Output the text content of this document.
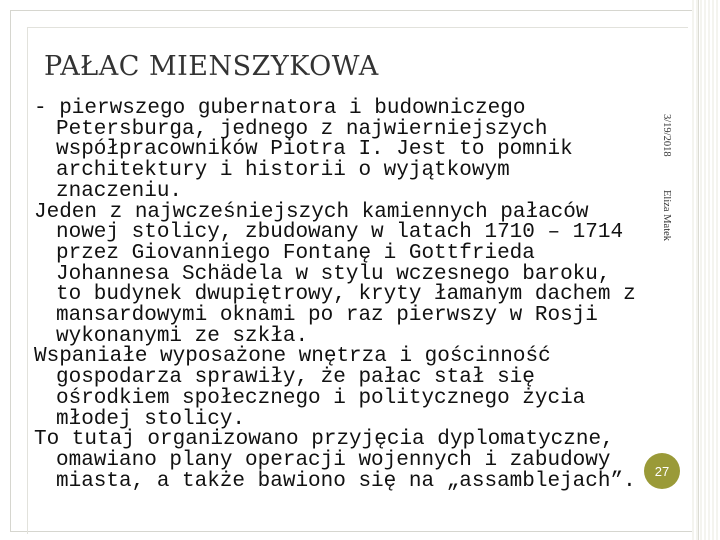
PAŁAC MIENSZYKOWA

- pierwszego gubernatora i budowniczego Petersburga, jednego z najwierniejszych współpracowników Piotra I. Jest to pomnik architektury i historii o wyjątkowym znaczeniu.

Jeden z najwcześniejszych kamiennych pałaców nowej stolicy, zbudowany w latach 1710 – 1714 przez Giovanniego Fontanę i Gottfrieda Johannesa Schädela w stylu wczesnego baroku, to budynek dwupiętrowy, kryty łamanym dachem z mansardowymi oknami po raz pierwszy w Rosji wykonanymi ze szkła.

Wspaniałe wyposażone wnętrza i gościnność gospodarza sprawiły, że pałac stał się ośrodkiem społecznego i politycznego życia młodej stolicy.

To tutaj organizowano przyjęcia dyplomatyczne, omawiano plany operacji wojennych i zabudowy miasta, a także bawiono się na „assamblejach”.

3/19/2018
Eliza Matek
27
